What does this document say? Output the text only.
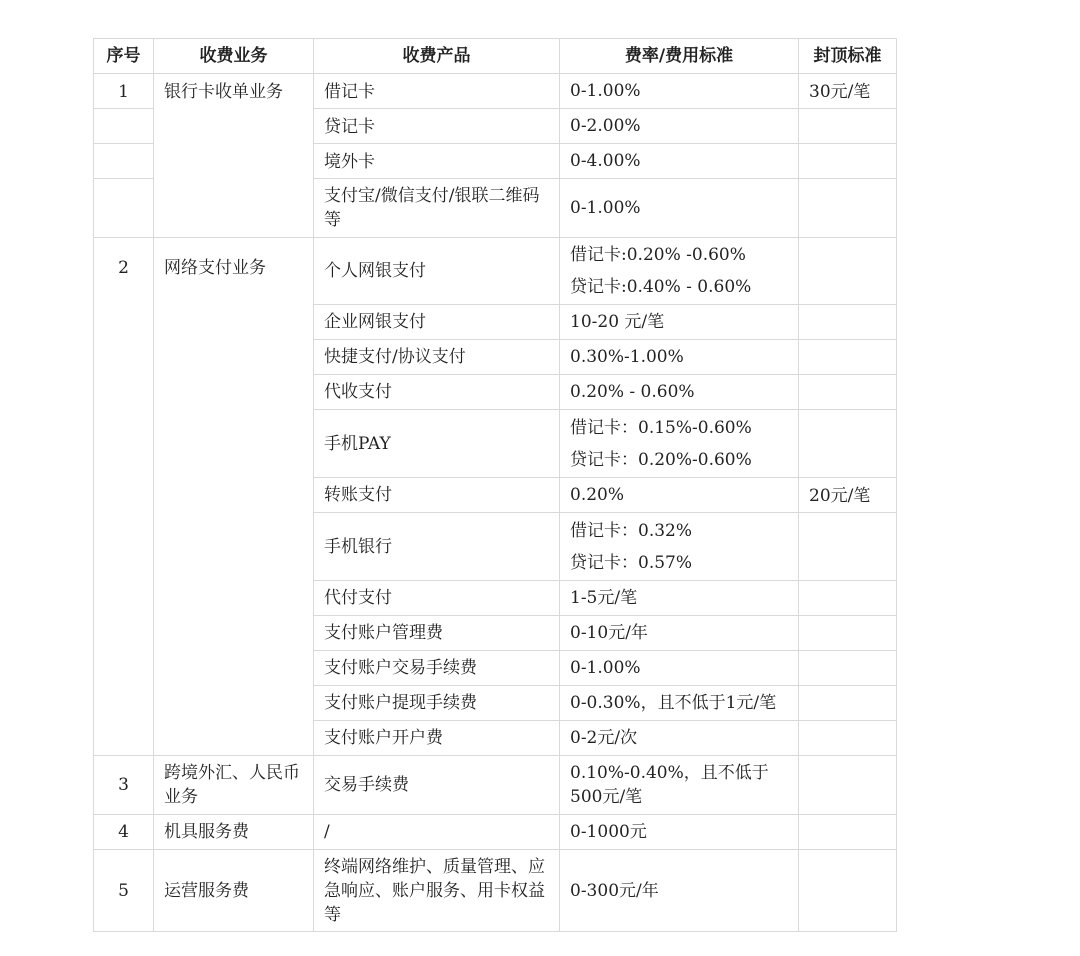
序号	收费业务	收费产品	费率/费用标准	封顶标准
1	银行卡收单业务	借记卡	0-1.00%	30元/笔
		贷记卡	0-2.00%	

		境外卡	0-4.00%	

		支付宝/微信支付/银联二维码等	0-1.00%	

2	网络支付业务	个人网银支付	借记卡:0.20% -0.60%
贷记卡:0.40% - 0.60%	

		企业网银支付	10-20 元/笔	

		快捷支付/协议支付	0.30%-1.00%	

		代收支付	0.20% - 0.60%	

		手机PAY	借记卡：0.15%-0.60%
贷记卡：0.20%-0.60%	

		转账支付	0.20%	20元/笔
		手机银行	借记卡：0.32%
贷记卡：0.57%	

		代付支付	1-5元/笔	

		支付账户管理费	0-10元/年	

		支付账户交易手续费	0-1.00%	

		支付账户提现手续费	0-0.30%，且不低于1元/笔	

		支付账户开户费	0-2元/次	

3	跨境外汇、人民币业务	交易手续费	0.10%-0.40%，且不低于500元/笔	

4	机具服务费	/	0-1000元	

5	运营服务费	终端网络维护、质量管理、应急响应、账户服务、用卡权益等	0-300元/年	
